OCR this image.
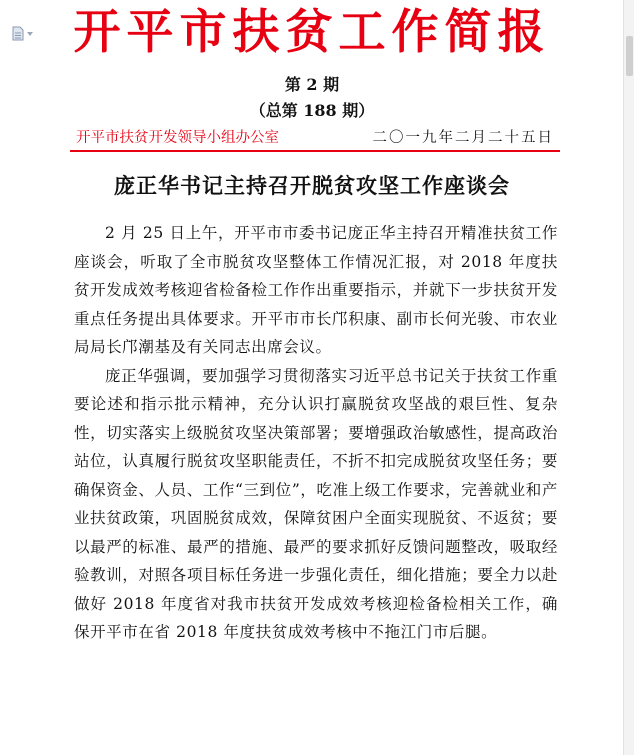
开平市扶贫工作简报
第 2 期
（总第 188 期）
开平市扶贫开发领导小组办公室	二〇一九年二月二十五日
庞正华书记主持召开脱贫攻坚工作座谈会

2 月 25 日上午，开平市市委书记庞正华主持召开精准扶贫工作座谈会，听取了全市脱贫攻坚整体工作情况汇报，对 2018 年度扶贫开发成效考核迎省检备检工作作出重要指示，并就下一步扶贫开发重点任务提出具体要求。开平市市长邝积康、副市长何光骏、市农业局局长邝潮基及有关同志出席会议。

庞正华强调，要加强学习贯彻落实习近平总书记关于扶贫工作重要论述和指示批示精神，充分认识打赢脱贫攻坚战的艰巨性、复杂性，切实落实上级脱贫攻坚决策部署；要增强政治敏感性，提高政治站位，认真履行脱贫攻坚职能责任，不折不扣完成脱贫攻坚任务；要确保资金、人员、工作“三到位”，吃准上级工作要求，完善就业和产业扶贫政策，巩固脱贫成效，保障贫困户全面实现脱贫、不返贫；要以最严的标准、最严的措施、最严的要求抓好反馈问题整改，吸取经验教训，对照各项目标任务进一步强化责任，细化措施；要全力以赴做好 2018 年度省对我市扶贫开发成效考核迎检备检相关工作，确保开平市在省 2018 年度扶贫成效考核中不拖江门市后腿。
